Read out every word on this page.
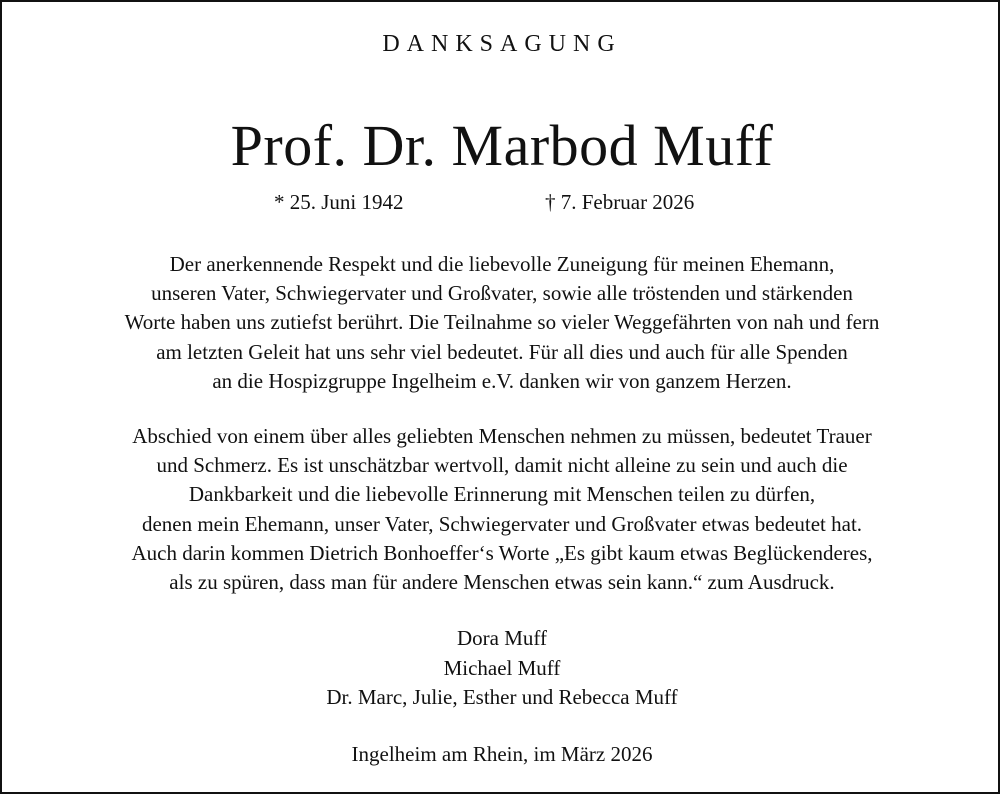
DANKSAGUNG
Prof. Dr. Marbod Muff
* 25. Juni 1942	† 7. Februar 2026
Der anerkennende Respekt und die liebevolle Zuneigung für meinen Ehemann,
unseren Vater, Schwiegervater und Großvater, sowie alle tröstenden und stärkenden
Worte haben uns zutiefst berührt. Die Teilnahme so vieler Weggefährten von nah und fern
am letzten Geleit hat uns sehr viel bedeutet. Für all dies und auch für alle Spenden
an die Hospizgruppe Ingelheim e.V. danken wir von ganzem Herzen.
Abschied von einem über alles geliebten Menschen nehmen zu müssen, bedeutet Trauer
und Schmerz. Es ist unschätzbar wertvoll, damit nicht alleine zu sein und auch die
Dankbarkeit und die liebevolle Erinnerung mit Menschen teilen zu dürfen,
denen mein Ehemann, unser Vater, Schwiegervater und Großvater etwas bedeutet hat.
Auch darin kommen Dietrich Bonhoeffer‘s Worte „Es gibt kaum etwas Beglückenderes,
als zu spüren, dass man für andere Menschen etwas sein kann.“ zum Ausdruck.
Dora Muff
Michael Muff
Dr. Marc, Julie, Esther und Rebecca Muff
Ingelheim am Rhein, im März 2026
